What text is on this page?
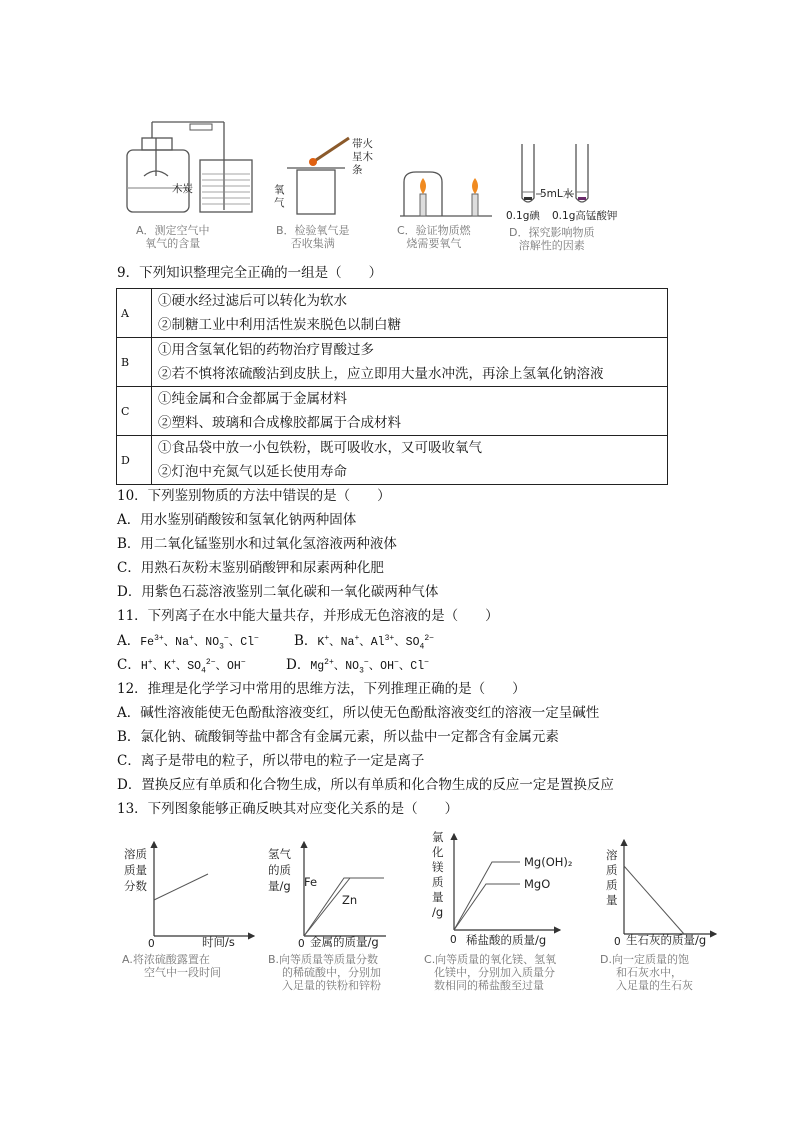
木炭
A．测定空气中
氧气的含量
带火
星木
条
氧
气
B．检验氧气是
否收集满
C．验证物质燃
烧需要氧气
5mL水
0.1g碘 0.1g高锰酸钾
D．探究影响物质
溶解性的因素
9．下列知识整理完全正确的一组是（　　）
A	①硬水经过滤后可以转化为软水
②制糖工业中利用活性炭来脱色以制白糖

B	①用含氢氧化铝的药物治疗胃酸过多
②若不慎将浓硫酸沾到皮肤上，应立即用大量水冲洗，再涂上氢氧化钠溶液

C	①纯金属和合金都属于金属材料
②塑料、玻璃和合成橡胶都属于合成材料

D	①食品袋中放一小包铁粉，既可吸收水，又可吸收氧气
②灯泡中充氮气以延长使用寿命
10．下列鉴别物质的方法中错误的是（　　）
A．用水鉴别硝酸铵和氢氧化钠两种固体
B．用二氧化锰鉴别水和过氧化氢溶液两种液体
C．用熟石灰粉末鉴别硝酸钾和尿素两种化肥
D．用紫色石蕊溶液鉴别二氧化碳和一氧化碳两种气体
11．下列离子在水中能大量共存，并形成无色溶液的是（　　）
A．$Fe^{3+}$、Na+、$NO_3^-$、Cl−	B．K+、Na+、$Al^{3+}$、$SO_4^{2-}$
C．H+、K+、$SO_4^{2-}$、OH−	D．$Mg^{2+}$、$NO_3^-$、OH−、Cl−
12．推理是化学学习中常用的思维方法，下列推理正确的是（　　）
A．碱性溶液能使无色酚酞溶液变红，所以使无色酚酞溶液变红的溶液一定呈碱性
B．氯化钠、硫酸铜等盐中都含有金属元素，所以盐中一定都含有金属元素
C．离子是带电的粒子，所以带电的粒子一定是离子
D．置换反应有单质和化合物生成，所以有单质和化合物生成的反应一定是置换反应
13．下列图象能够正确反映其对应变化关系的是（　　）
溶质
质量
分数
0	时间/s
A.将浓硫酸露置在
空气中一段时间
氢气
的质
量/g Fe
Zn
0 金属的质量/g
B.向等质量等质量分数
的稀硫酸中，分别加
入足量的铁粉和锌粉
氯
化
镁
质
量
/g
Mg(OH)₂
MgO
0 稀盐酸的质量/g
C.向等质量的氧化镁、氢氧
化镁中，分别加入质量分
数相同的稀盐酸至过量
溶
质
质
量
0 生石灰的质量/g
D.向一定质量的饱
和石灰水中，
入足量的生石灰
